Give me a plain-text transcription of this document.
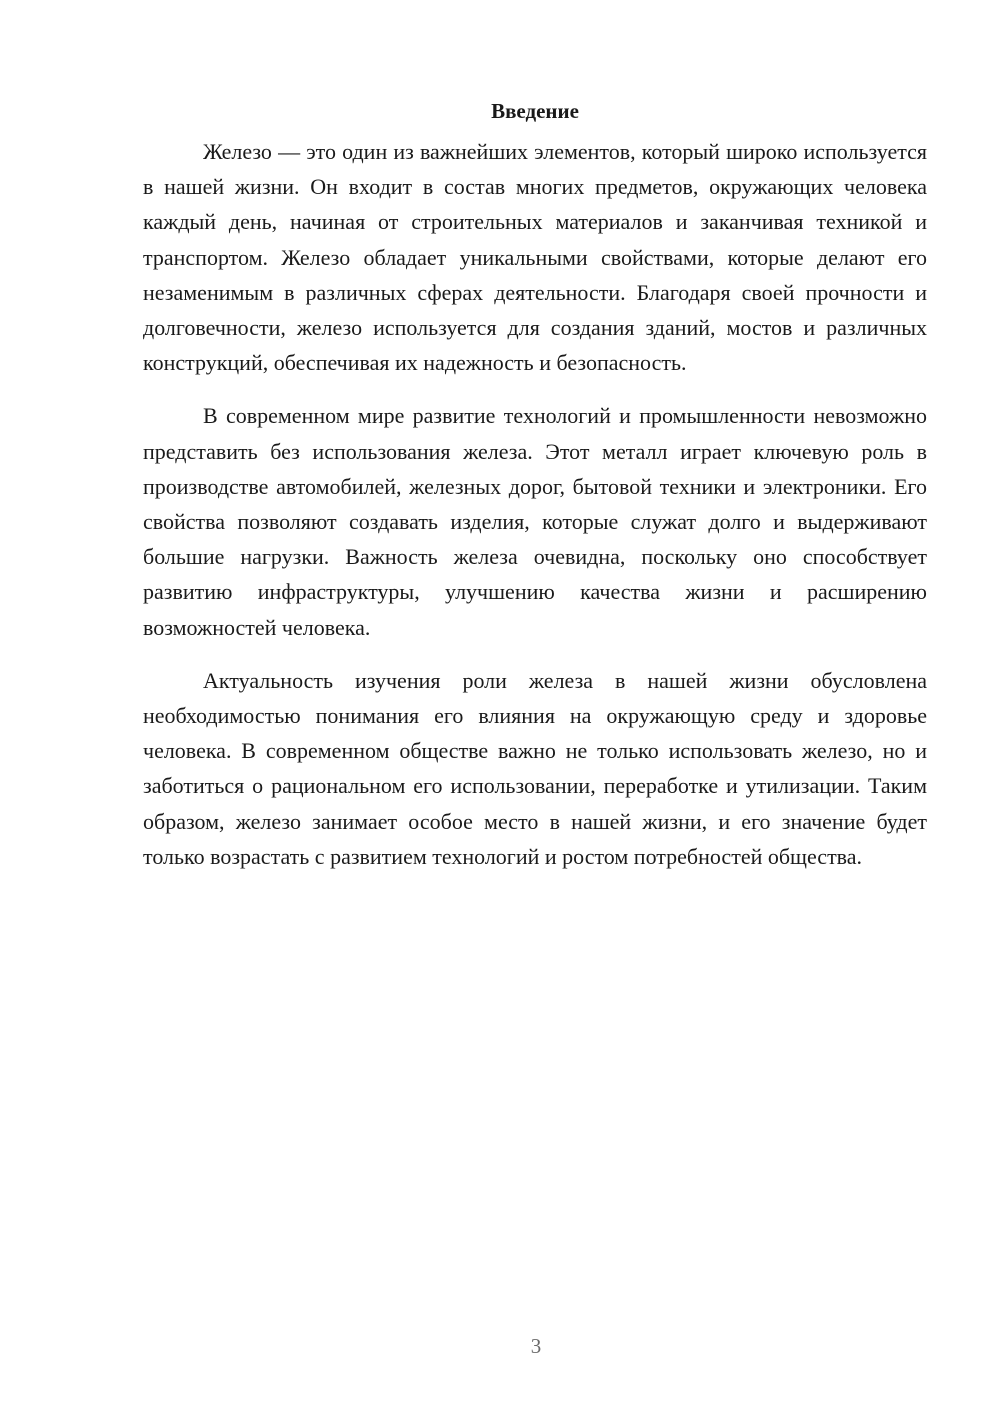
Введение

Железо — это один из важнейших элементов, который широко используется в нашей жизни. Он входит в состав многих предметов, окружающих человека каждый день, начиная от строительных материалов и заканчивая техникой и транспортом. Железо обладает уникальными свойствами, которые делают его незаменимым в различных сферах деятельности. Благодаря своей прочности и долговечности, железо используется для создания зданий, мостов и различных конструкций, обеспечивая их надежность и безопасность.

В современном мире развитие технологий и промышленности невозможно представить без использования железа. Этот металл играет ключевую роль в производстве автомобилей, железных дорог, бытовой техники и электроники. Его свойства позволяют создавать изделия, которые служат долго и выдерживают большие нагрузки. Важность железа очевидна, поскольку оно способствует развитию инфраструктуры, улучшению качества жизни и расширению возможностей человека.

Актуальность изучения роли железа в нашей жизни обусловлена необходимостью понимания его влияния на окружающую среду и здоровье человека. В современном обществе важно не только использовать железо, но и заботиться о рациональном его использовании, переработке и утилизации. Таким образом, железо занимает особое место в нашей жизни, и его значение будет только возрастать с развитием технологий и ростом потребностей общества.

3
